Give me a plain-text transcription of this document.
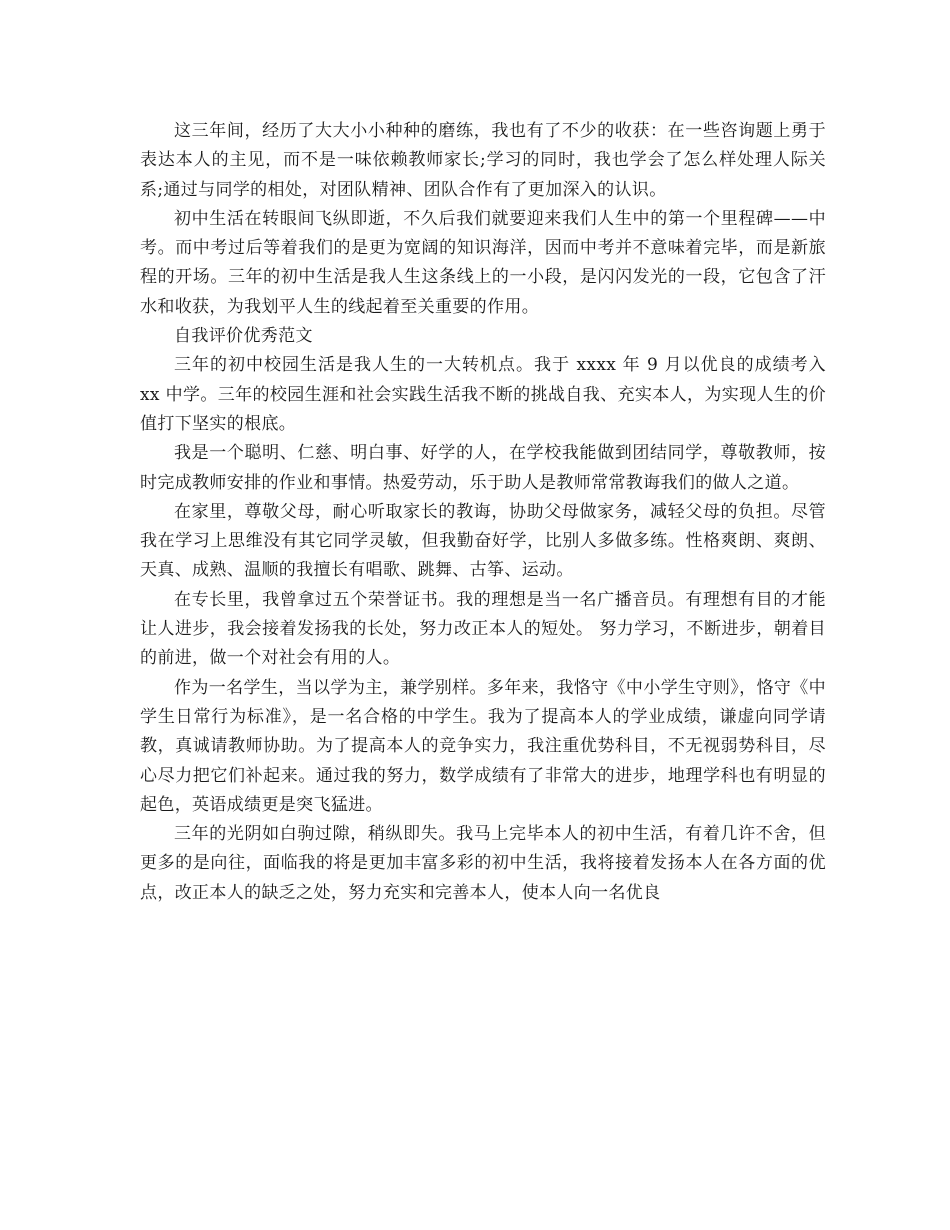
这三年间，经历了大大小小种种的磨练，我也有了不少的收获：在一些咨询题上勇于表达本人的主见，而不是一味依赖教师家长;学习的同时，我也学会了怎么样处理人际关系;通过与同学的相处，对团队精神、团队合作有了更加深入的认识。

初中生活在转眼间飞纵即逝，不久后我们就要迎来我们人生中的第一个里程碑——中考。而中考过后等着我们的是更为宽阔的知识海洋，因而中考并不意味着完毕，而是新旅程的开场。三年的初中生活是我人生这条线上的一小段，是闪闪发光的一段，它包含了汗水和收获，为我划平人生的线起着至关重要的作用。

自我评价优秀范文

三年的初中校园生活是我人生的一大转机点。我于 xxxx 年 9 月以优良的成绩考入 xx 中学。三年的校园生涯和社会实践生活我不断的挑战自我、充实本人，为实现人生的价值打下坚实的根底。

我是一个聪明、仁慈、明白事、好学的人，在学校我能做到团结同学，尊敬教师，按时完成教师安排的作业和事情。热爱劳动，乐于助人是教师常常教诲我们的做人之道。

在家里，尊敬父母，耐心听取家长的教诲，协助父母做家务，减轻父母的负担。尽管我在学习上思维没有其它同学灵敏，但我勤奋好学，比别人多做多练。性格爽朗、爽朗、天真、成熟、温顺的我擅长有唱歌、跳舞、古筝、运动。

在专长里，我曾拿过五个荣誉证书。我的理想是当一名广播音员。有理想有目的才能让人进步，我会接着发扬我的长处，努力改正本人的短处。 努力学习，不断进步，朝着目的前进，做一个对社会有用的人。

作为一名学生，当以学为主，兼学别样。多年来，我恪守《中小学生守则》，恪守《中学生日常行为标准》，是一名合格的中学生。我为了提高本人的学业成绩，谦虚向同学请教，真诚请教师协助。为了提高本人的竞争实力，我注重优势科目，不无视弱势科目，尽心尽力把它们补起来。通过我的努力，数学成绩有了非常大的进步，地理学科也有明显的起色，英语成绩更是突飞猛进。

三年的光阴如白驹过隙，稍纵即失。我马上完毕本人的初中生活，有着几许不舍，但更多的是向往，面临我的将是更加丰富多彩的初中生活，我将接着发扬本人在各方面的优点，改正本人的缺乏之处，努力充实和完善本人，使本人向一名优良
